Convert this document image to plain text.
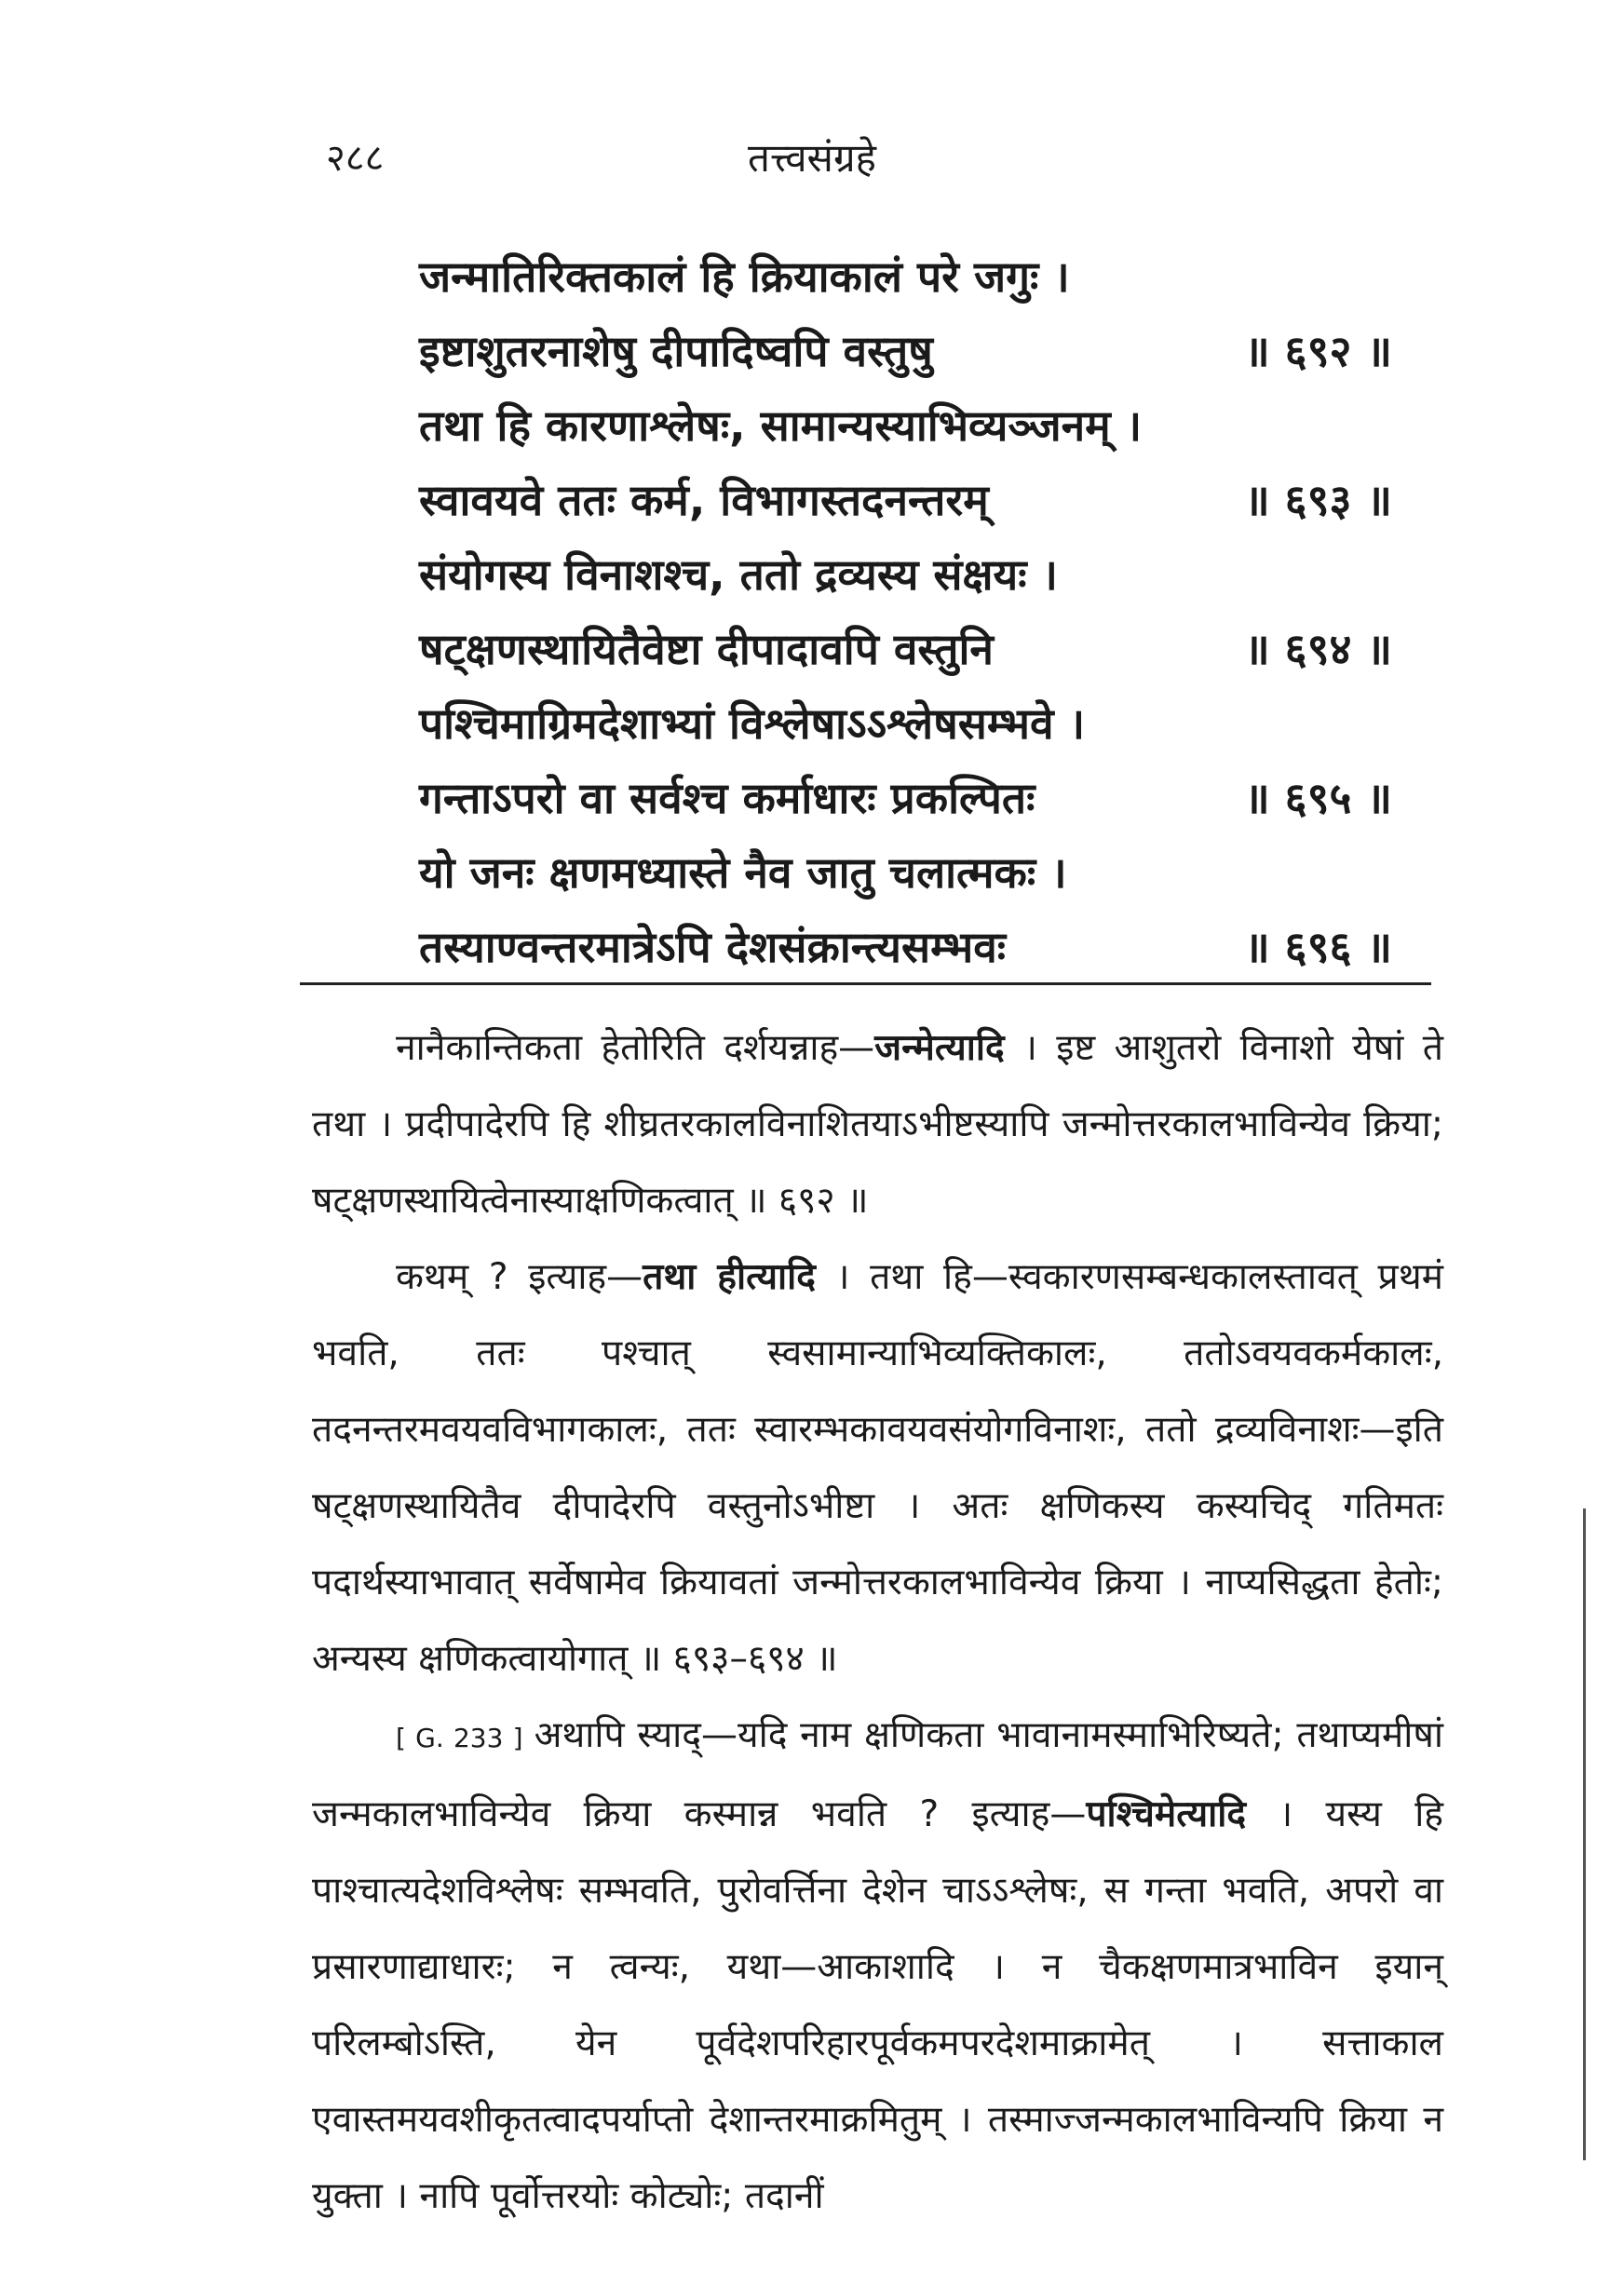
तत्त्वसंग्रहे
२८८
जन्मातिरिक्तकालं हि क्रियाकालं परे जगुः ।
इष्टाशुतरनाशेषु दीपादिष्वपि वस्तुषु	॥ ६९२ ॥
तथा हि कारणाश्लेषः, सामान्यस्याभिव्यञ्जनम् ।
स्वावयवे ततः कर्म, विभागस्तदनन्तरम्	॥ ६९३ ॥
संयोगस्य विनाशश्च, ततो द्रव्यस्य संक्षयः ।
षट्क्षणस्थायितैवेष्टा दीपादावपि वस्तुनि	॥ ६९४ ॥
पश्चिमाग्रिमदेशाभ्यां विश्लेषाऽऽश्लेषसम्भवे ।
गन्ताऽपरो वा सर्वश्च कर्माधारः प्रकल्पितः	॥ ६९५ ॥
यो जनः क्षणमध्यास्ते नैव जातु चलात्मकः ।
तस्याण्वन्तरमात्रेऽपि देशसंक्रान्त्यसम्भवः	॥ ६९६ ॥

नानैकान्तिकता हेतोरिति दर्शयन्नाह—जन्मेत्यादि । इष्ट आशुतरो विनाशो येषां ते तथा । प्रदीपादेरपि हि शीघ्रतरकालविनाशितयाऽभीष्टस्यापि जन्मोत्तरकालभाविन्येव क्रिया; षट्क्षणस्थायित्वेनास्याक्षणिकत्वात् ॥ ६९२ ॥

कथम् ? इत्याह—तथा हीत्यादि । तथा हि—स्वकारणसम्बन्धकालस्तावत् प्रथमं भवति, ततः पश्चात् स्वसामान्याभिव्यक्तिकालः, ततोऽवयवकर्मकालः, तदनन्तरमवयवविभागकालः, ततः स्वारम्भकावयवसंयोगविनाशः, ततो द्रव्यविनाशः—इति षट्क्षणस्थायितैव दीपादेरपि वस्तुनोऽभीष्टा । अतः क्षणिकस्य कस्यचिद् गतिमतः पदार्थस्याभावात् सर्वेषामेव क्रियावतां जन्मोत्तरकालभाविन्येव क्रिया । नाप्यसिद्धता हेतोः; अन्यस्य क्षणिकत्वायोगात् ॥ ६९३–६९४ ॥

[ G. 233 ] अथापि स्याद्—यदि नाम क्षणिकता भावानामस्माभिरिष्यते; तथाप्यमीषां जन्मकालभाविन्येव क्रिया कस्मान्न भवति ? इत्याह—पश्चिमेत्यादि । यस्य हि पाश्चात्यदेशविश्लेषः सम्भवति, पुरोवर्त्तिना देशेन चाऽऽश्लेषः, स गन्ता भवति, अपरो वा प्रसारणाद्याधारः; न त्वन्यः, यथा—आकाशादि । न चैकक्षणमात्रभाविन इयान् परिलम्बोऽस्ति, येन पूर्वदेशपरिहारपूर्वकमपरदेशमाक्रामेत् । सत्ताकाल एवास्तमयवशीकृतत्वादपर्याप्तो देशान्तरमाक्रमितुम् । तस्माज्जन्मकालभाविन्यपि क्रिया न युक्ता । नापि पूर्वोत्तरयोः कोट्योः; तदानीं
